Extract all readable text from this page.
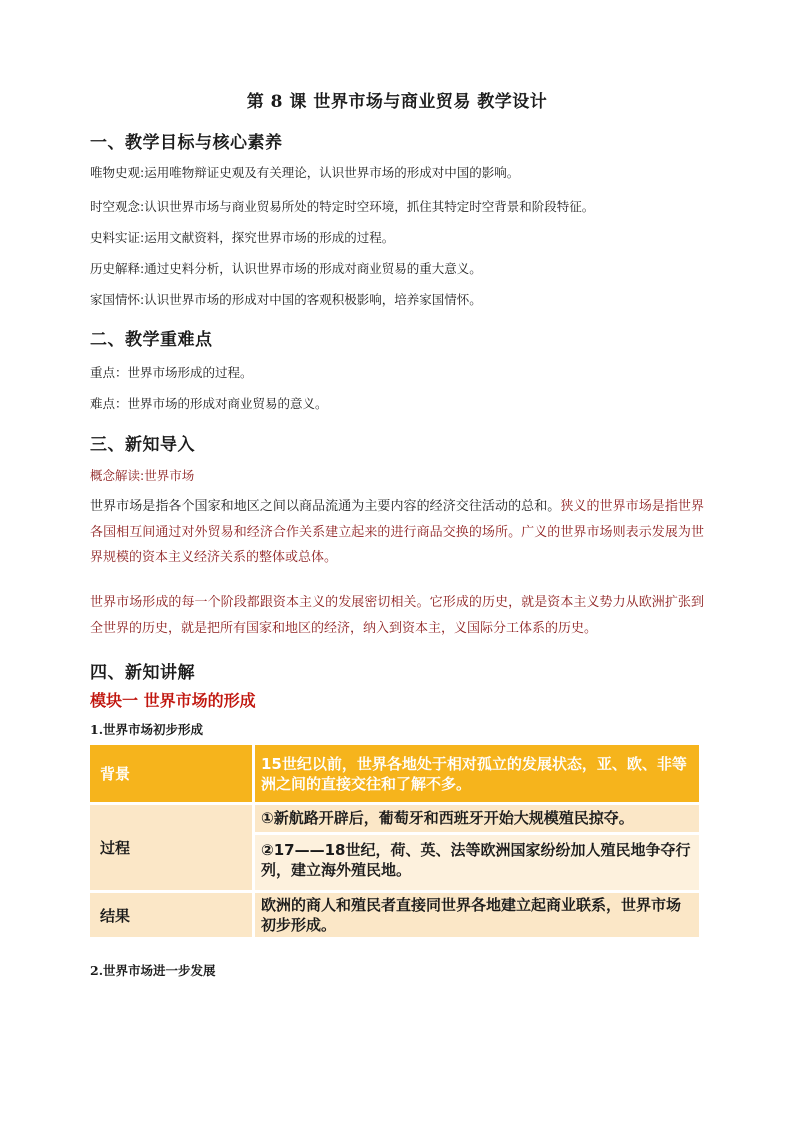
第 8 课 世界市场与商业贸易 教学设计
一、教学目标与核心素养
唯物史观:运用唯物辩证史观及有关理论，认识世界市场的形成对中国的影响。
时空观念:认识世界市场与商业贸易所处的特定时空环境，抓住其特定时空背景和阶段特征。
史料实证:运用文献资料，探究世界市场的形成的过程。
历史解释:通过史料分析，认识世界市场的形成对商业贸易的重大意义。
家国情怀:认识世界市场的形成对中国的客观积极影响，培养家国情怀。
二、教学重难点
重点：世界市场形成的过程。
难点：世界市场的形成对商业贸易的意义。
三、新知导入
概念解读:世界市场
世界市场是指各个国家和地区之间以商品流通为主要内容的经济交往活动的总和。狭义的世界市场是指世界各国相互间通过对外贸易和经济合作关系建立起来的进行商品交换的场所。广义的世界市场则表示发展为世界规模的资本主义经济关系的整体或总体。
世界市场形成的每一个阶段都跟资本主义的发展密切相关。它形成的历史，就是资本主义势力从欧洲扩张到全世界的历史，就是把所有国家和地区的经济，纳入到资本主，义国际分工体系的历史。
四、新知讲解
模块一 世界市场的形成
1.世界市场初步形成
背景
15世纪以前，世界各地处于相对孤立的发展状态，亚、欧、非等洲之间的直接交往和了解不多。
过程
①新航路开辟后，葡萄牙和西班牙开始大规模殖民掠夺。
②17——18世纪，荷、英、法等欧洲国家纷纷加人殖民地争夺行列，建立海外殖民地。
结果
欧洲的商人和殖民者直接同世界各地建立起商业联系，世界市场初步形成。
2.世界市场进一步发展
